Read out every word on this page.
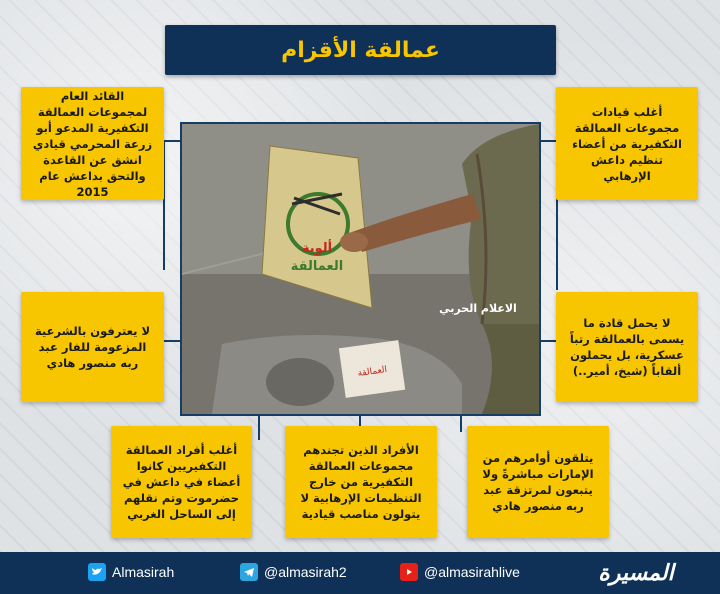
عمالقة الأقزام
القائد العام لمجموعات العمالقة التكفيرية المدعو أبو زرعة المحرمي قيادي انشق عن القاعدة والتحق بداعش عام 2015
لا يعترفون بالشرعية المزعومة للفار عبد ربه منصور هادي
أغلب أفراد العمالقة التكفيريين كانوا أعضاء في داعش في حضرموت وتم نقلهم إلى الساحل الغربي
الأفراد الذين تجندهم مجموعات العمالقة التكفيرية من خارج التنظيمات الإرهابية لا يتولون مناصب قيادية
يتلقون أوامرهم من الإمارات مباشرةً ولا يتبعون لمرتزقة عبد ربه منصور هادي
أغلب قيادات مجموعات العمالقة التكفيرية من أعضاء تنظيم داعش الإرهابي
لا يحمل قادة ما يسمى بالعمالقة رتباً عسكرية، بل يحملون ألقاباً (شيخ، أمير..)
ألوية
العمالقة
العمالقة
الاعلام الحربي
Almasirah	@almasirah2	@almasirahlive	المسيرة
